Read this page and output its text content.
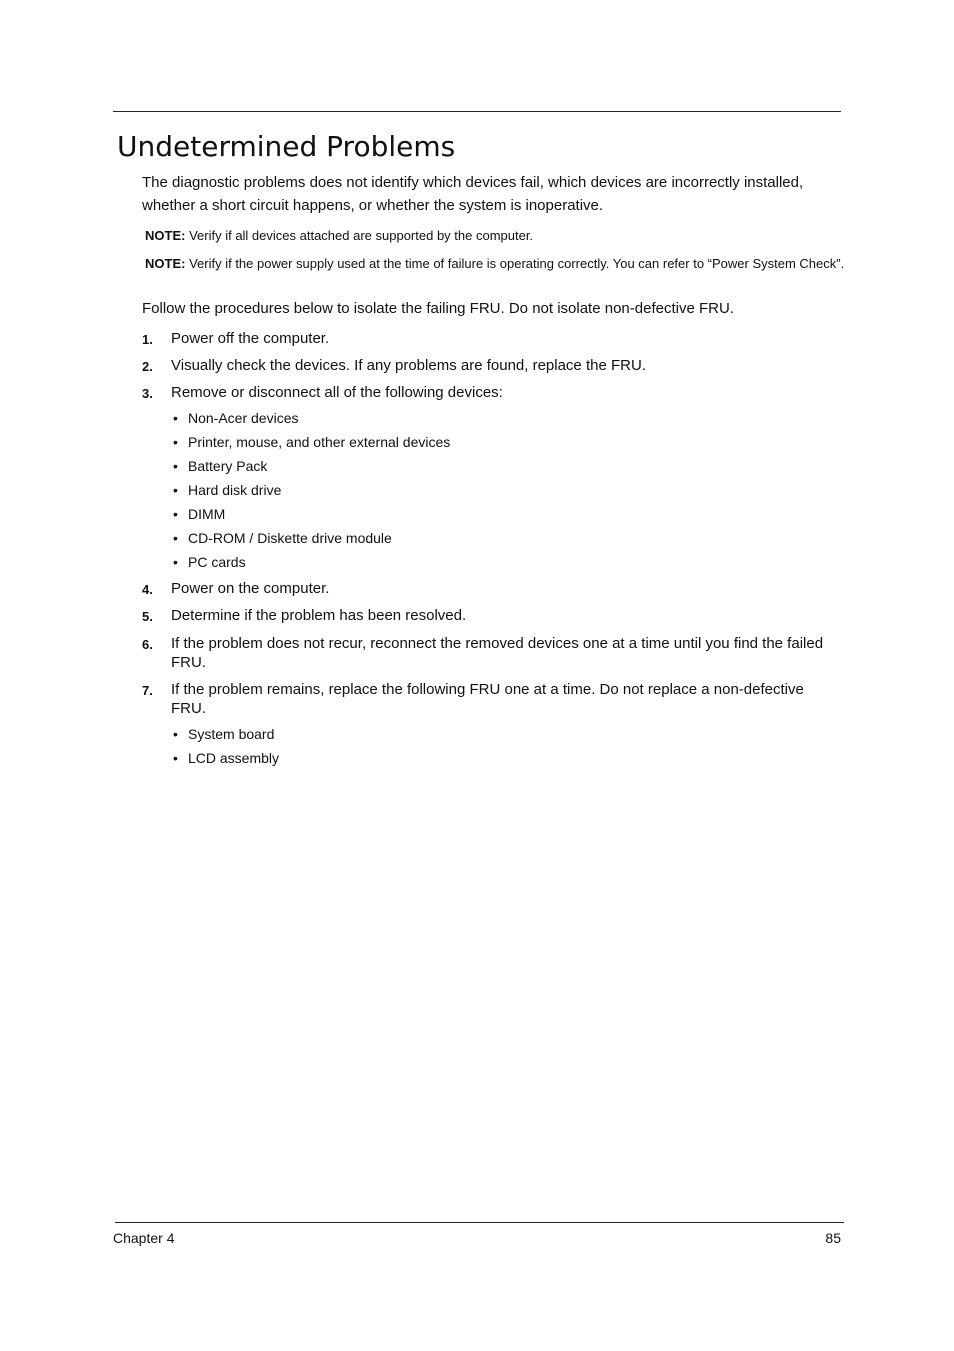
Undetermined Problems

The diagnostic problems does not identify which devices fail, which devices are incorrectly installed, whether a short circuit happens, or whether the system is inoperative.

NOTE: Verify if all devices attached are supported by the computer.

NOTE: Verify if the power supply used at the time of failure is operating correctly. You can refer to “Power System Check”.

Follow the procedures below to isolate the failing FRU. Do not isolate non-defective FRU.

1. Power off the computer.
2. Visually check the devices. If any problems are found, replace the FRU.
3. Remove or disconnect all of the following devices:
• Non-Acer devices
• Printer, mouse, and other external devices
• Battery Pack
• Hard disk drive
• DIMM
• CD-ROM / Diskette drive module
• PC cards
4. Power on the computer.
5. Determine if the problem has been resolved.
6. If the problem does not recur, reconnect the removed devices one at a time until you find the failed FRU.
7. If the problem remains, replace the following FRU one at a time. Do not replace a non-defective FRU.
• System board
• LCD assembly
Chapter 4	85
